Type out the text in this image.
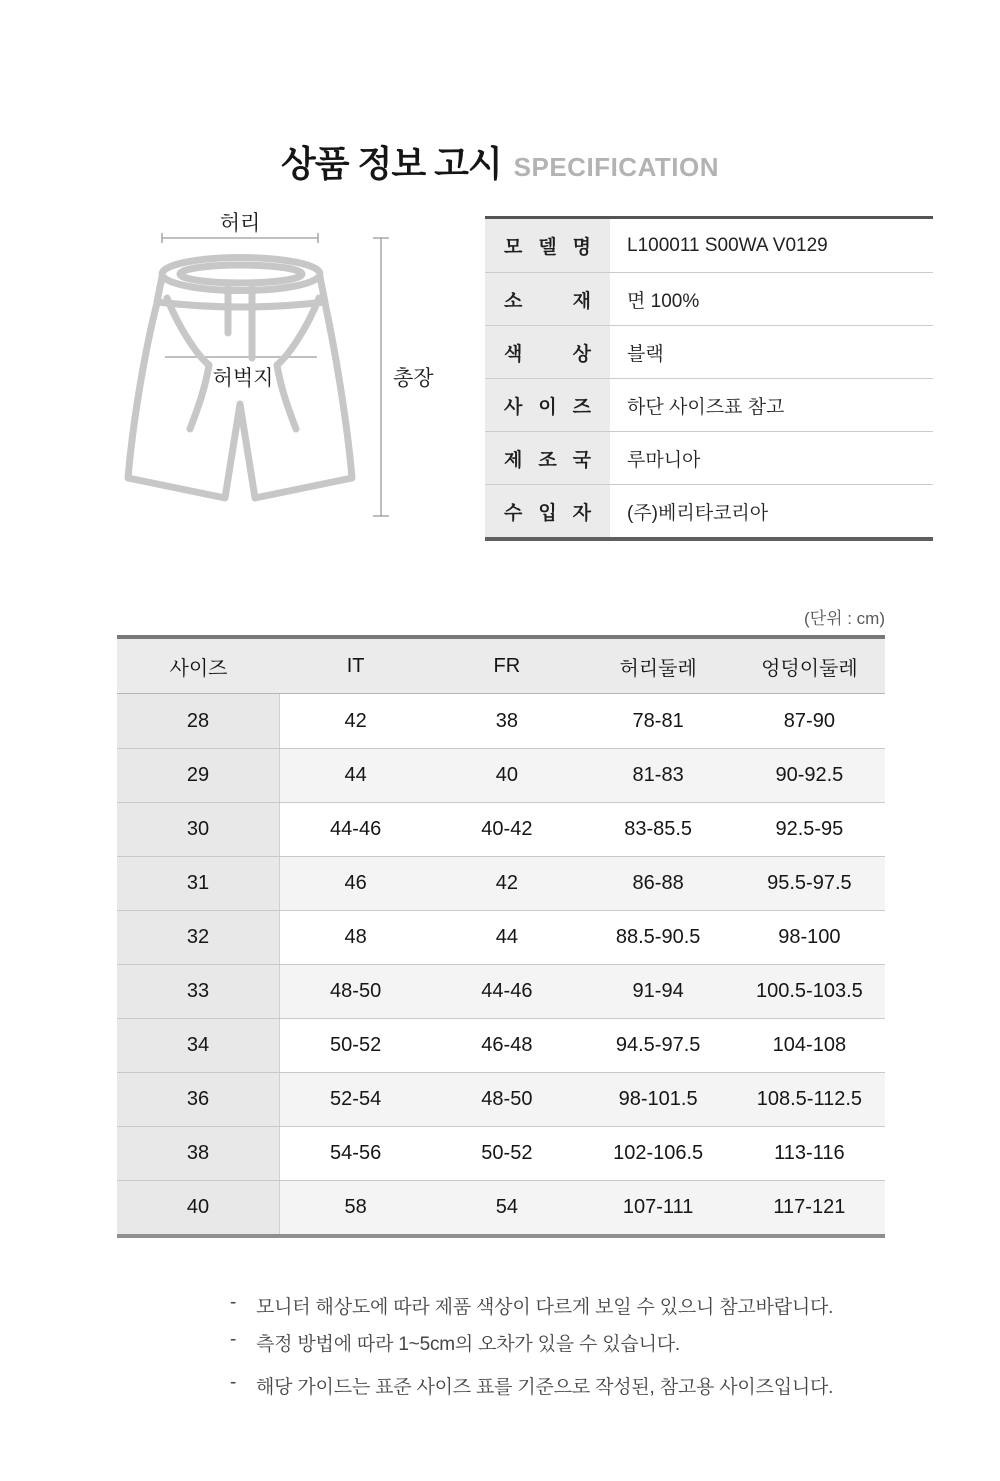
상품 정보 고시 SPECIFICATION
허리
허벅지	총장
모 델 명	L100011 S00WA V0129
소 재	면 100%
색 상	블랙
사 이 즈	하단 사이즈표 참고
제 조 국	루마니아
수 입 자	(주)베리타코리아
(단위 : cm)
사이즈	IT	FR	허리둘레	엉덩이둘레
28	42	38	78-81	87-90
29	44	40	81-83	90-92.5
30	44-46	40-42	83-85.5	92.5-95
31	46	42	86-88	95.5-97.5
32	48	44	88.5-90.5	98-100
33	48-50	44-46	91-94	100.5-103.5
34	50-52	46-48	94.5-97.5	104-108
36	52-54	48-50	98-101.5	108.5-112.5
38	54-56	50-52	102-106.5	113-116
40	58	54	107-111	117-121
-	모니터 해상도에 따라 제품 색상이 다르게 보일 수 있으니 참고바랍니다.
-	측정 방법에 따라 1~5cm의 오차가 있을 수 있습니다.
-	해당 가이드는 표준 사이즈 표를 기준으로 작성된, 참고용 사이즈입니다.
